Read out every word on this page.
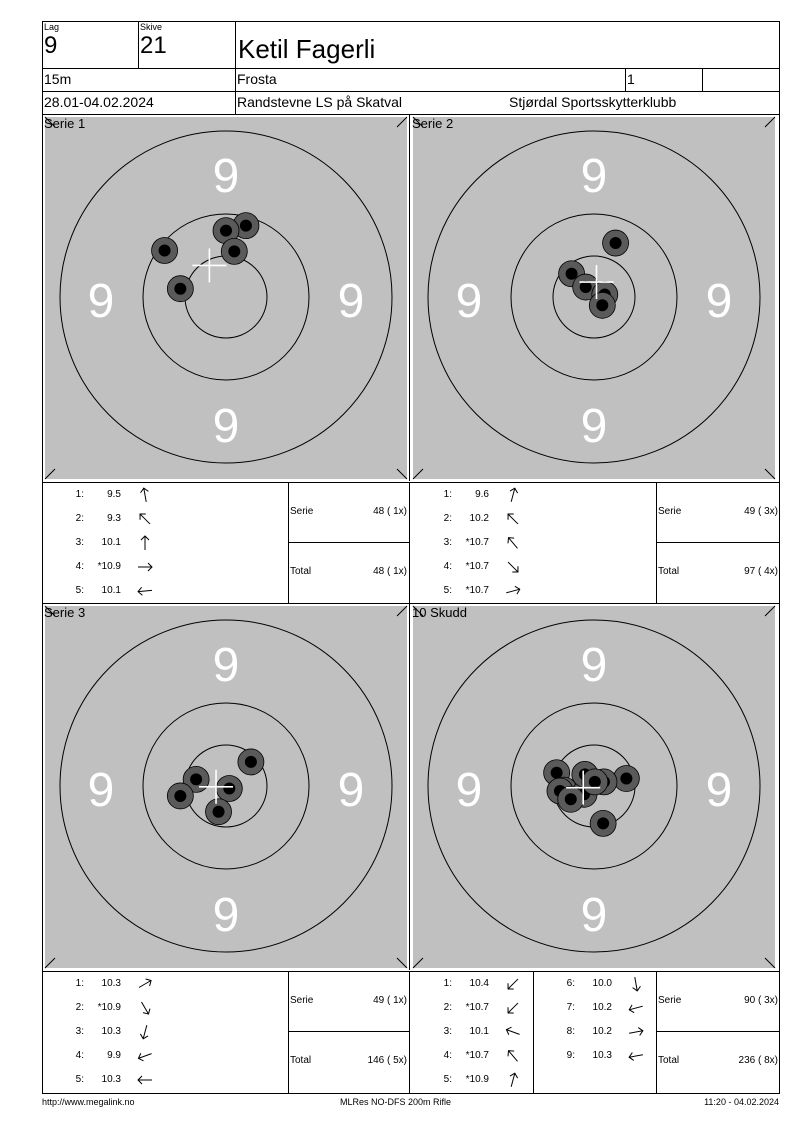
Lag
9
Skive
21	Ketil Fagerli
15m	Frosta	1
28.01-04.02.2024	Randstevne LS på Skatval	Stjørdal Sportsskytterklubb
9
9
9	9
Serie 1
9
9
9	9
Serie 2
9
9
9	9
Serie 3
9
9
9	9
10 Skudd
1:	9.5
2:	9.3
3:	10.1
4:	*10.9
5:	10.1
Serie	48 ( 1x)
Total	48 ( 1x)
1:	9.6
2:	10.2
3:	*10.7
4:	*10.7
5:	*10.7
Serie	49 ( 3x)
Total	97 ( 4x)
1:	10.3
2:	*10.9
3:	10.3
4:	9.9
5:	10.3
Serie	49 ( 1x)
Total	146 ( 5x)
1:	10.4
2:	*10.7
3:	10.1
4:	*10.7
5:	*10.9
6:	10.0
7:	10.2
8:	10.2
9:	10.3
Serie	90 ( 3x)
Total	236 ( 8x)
http://www.megalink.no	MLRes NO-DFS 200m Rifle	11:20 - 04.02.2024
